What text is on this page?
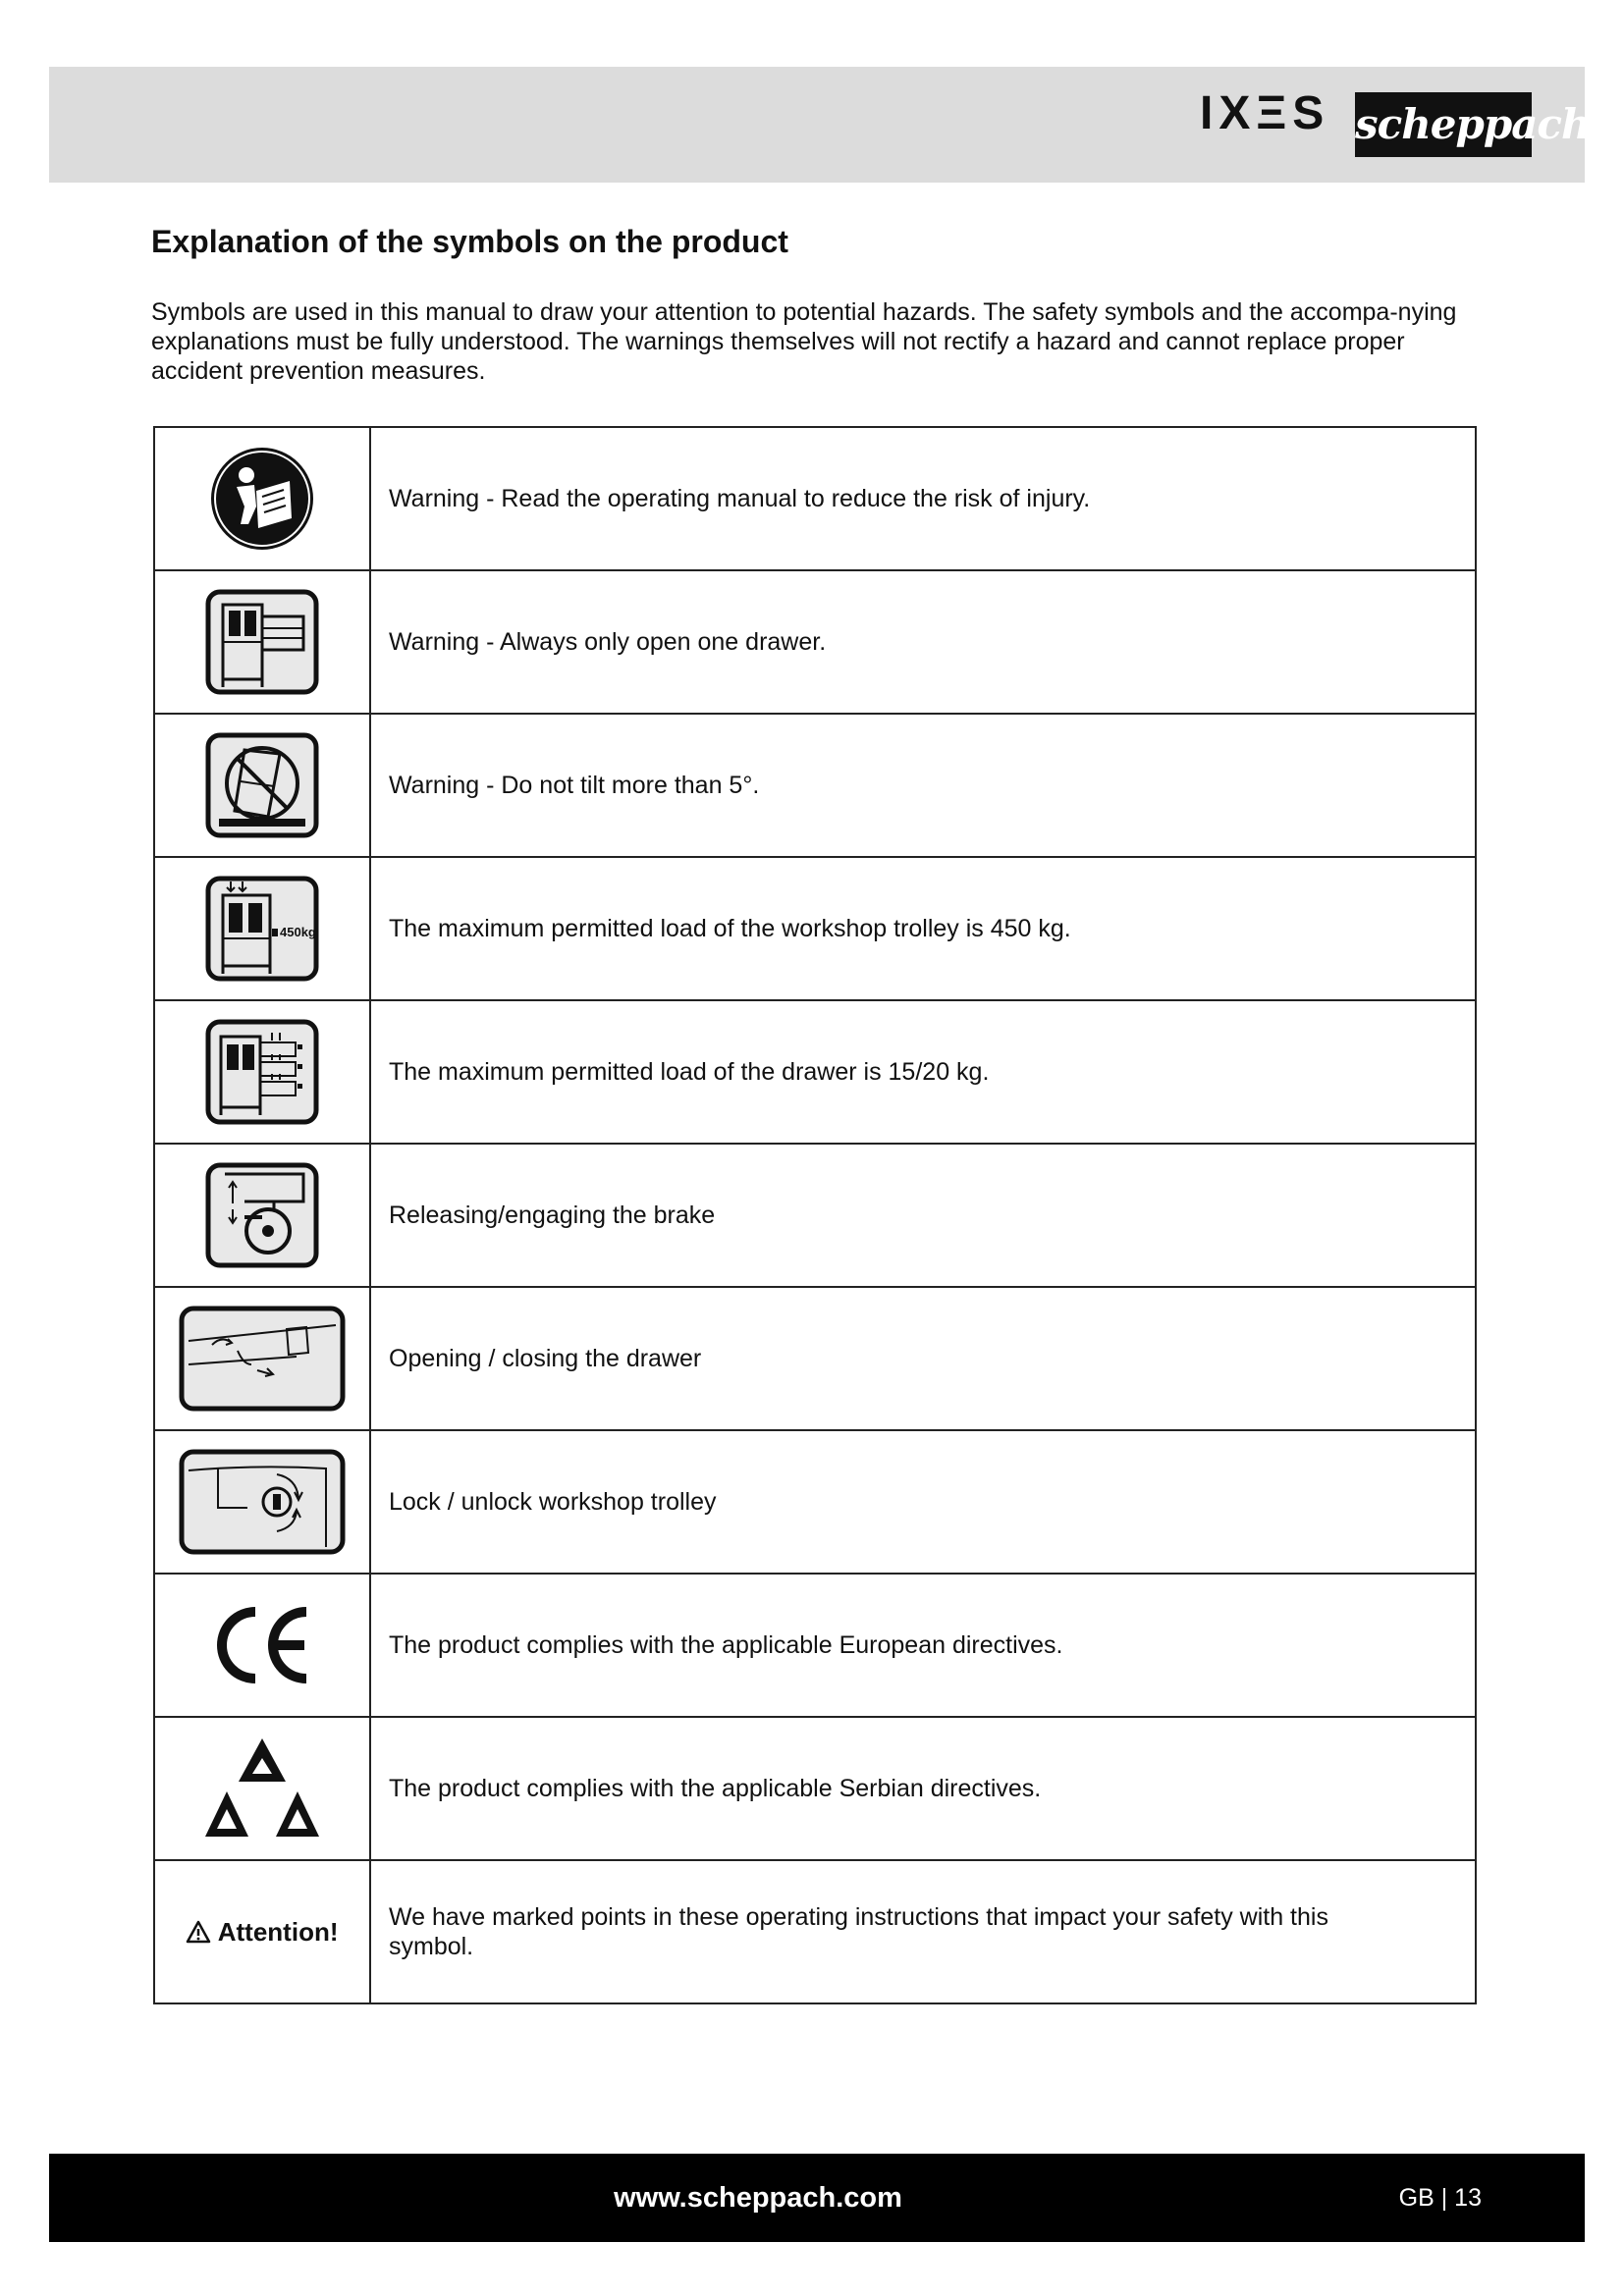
IXΞS scheppach
Explanation of the symbols on the product

Symbols are used in this manual to draw your attention to potential hazards. The safety symbols and the accompa-nying explanations must be fully understood. The warnings themselves will not rectify a hazard and cannot replace proper accident prevention measures.

	Warning - Read the operating manual to reduce the risk of injury.

	Warning - Always only open one drawer.

	Warning - Do not tilt more than 5°.

450kg	The maximum permitted load of the workshop trolley is 450 kg.

	The maximum permitted load of the drawer is 15/20 kg.

	Releasing/engaging the brake

	Opening / closing the drawer

	Lock / unlock workshop trolley

	The product complies with the applicable European directives.

	The product complies with the applicable Serbian directives.
Attention!	We have marked points in these operating instructions that impact your safety with this symbol.
www.scheppach.com	GB | 13
